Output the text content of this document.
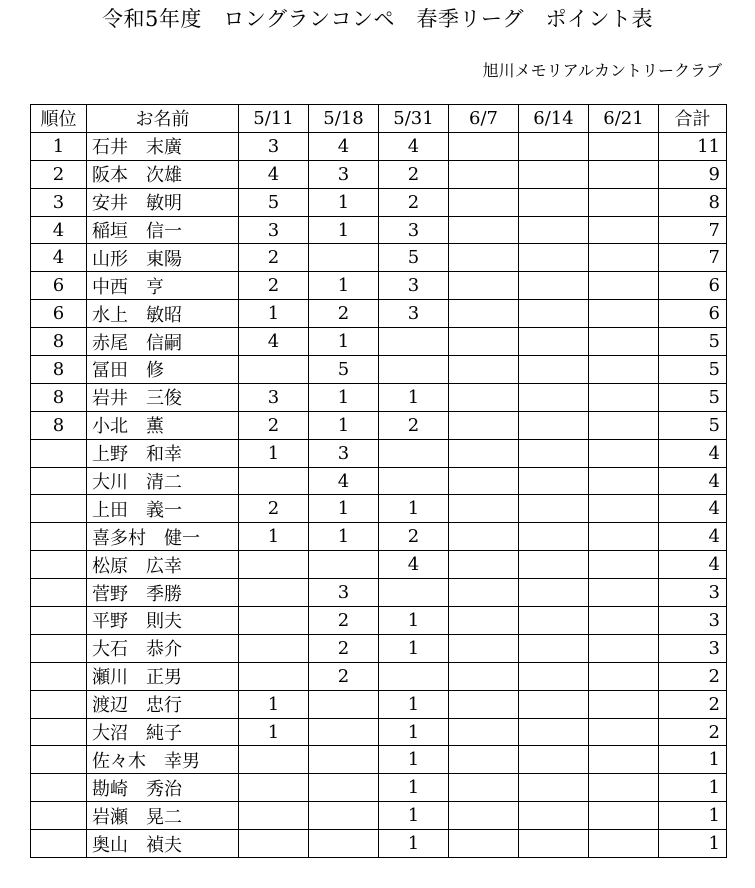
令和5年度　ロングランコンペ　春季リーグ　ポイント表
旭川メモリアルカントリークラブ
順位	お名前	5/11	5/18	5/31	6/7	6/14	6/21	合計
1	石井　末廣	3	4	4				11
2	阪本　次雄	4	3	2				9
3	安井　敏明	5	1	2				8
4	稲垣　信一	3	1	3				7
4	山形　東陽	2		5				7
6	中西　亨	2	1	3				6
6	水上　敏昭	1	2	3				6
8	赤尾　信嗣	4	1					5
8	冨田　修		5					5
8	岩井　三俊	3	1	1				5
8	小北　薫	2	1	2				5
	上野　和幸	1	3					4
	大川　清二		4					4
	上田　義一	2	1	1				4
	喜多村　健一	1	1	2				4
	松原　広幸			4				4
	菅野　季勝		3					3
	平野　則夫		2	1				3
	大石　恭介		2	1				3
	瀬川　正男		2					2
	渡辺　忠行	1		1				2
	大沼　純子	1		1				2
	佐々木　幸男			1				1
	勘崎　秀治			1				1
	岩瀬　晃二			1				1
	奥山　禎夫			1				1
